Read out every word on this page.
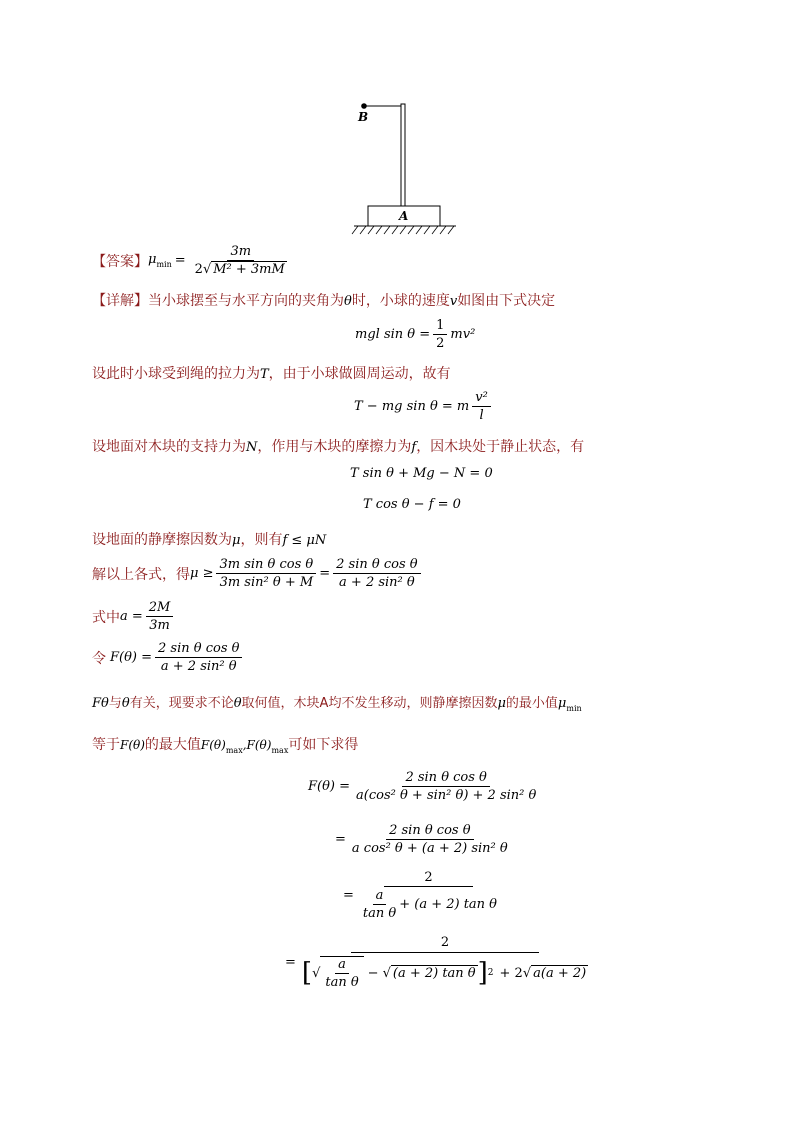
B
A
【答案】 $\mu_{min} = \frac{3m}{\text{2√ M² + 3mM}}$
【详解】当小球摆至与水平方向的夹角为θ时，小球的速度v如图由下式决定
mgl $\sin \theta = \frac{1}{2} mv^2$
设此时小球受到绳的拉力为T，由于小球做圆周运动，故有
T − mg sin θ = m $\frac{\text{v²}}{l}$
设地面对木块的支持力为N，作用与木块的摩擦力为f，因木块处于静止状态，有
T sin θ + Mg − N = 0
T cos θ − f = 0
设地面的静摩擦因数为μ，则有f ≤ μN
解以上各式，得 $\mu \ge \frac{\text{3m sin θ cos θ}}{\text{3m sin² θ + M}} = \frac{\text{2 sin θ cos θ}}{\text{a + 2 sin² θ}}$
式中 $a = \frac{2M}{3m}$
令 $F(\theta) = \frac{\text{2 sin θ cos θ}}{\text{a + 2 sin² θ}}$
Fθ与θ有关，现要求不论θ取何值，木块A均不发生移动，则静摩擦因数μ的最小值$\mu_{min}$
等于F(θ)的最大值$F(\theta)_{max},F(\theta)_{max}$可如下求得
$F(\theta) = \frac{\text{2 sin θ cos θ}}{\text{a(cos² θ + sin² θ) + 2 sin² θ}}$
= $\frac{\text{2 sin θ cos θ}}{\text{a cos² θ + (a + 2) sin² θ}}$
= $\frac{2}{\frac{a}{\text{tan θ}} + (a + 2) \tan \theta}$
=
2
[ √ $\frac{a}{\text{tan θ}}$ − √ (a + 2) tan θ ] 2 + 2 √ a(a + 2)
